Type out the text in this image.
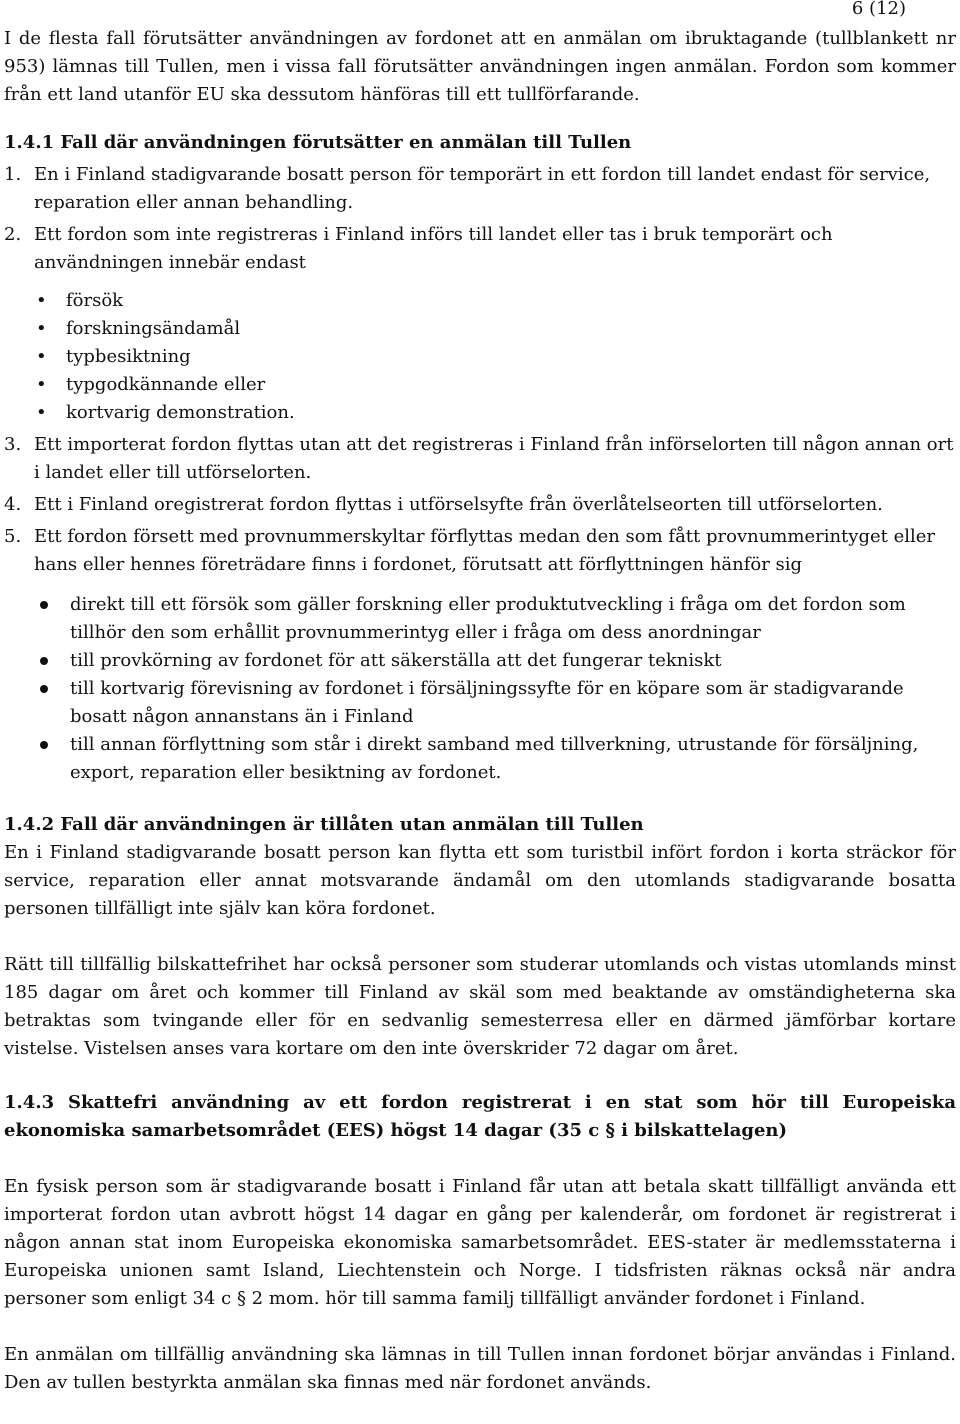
6 (12)

I de flesta fall förutsätter användningen av fordonet att en anmälan om ibruktagande (tullblankett nr 953) lämnas till Tullen, men i vissa fall förutsätter användningen ingen anmälan. Fordon som kommer från ett land utanför EU ska dessutom hänföras till ett tullförfarande.

1.4.1 Fall där användningen förutsätter en anmälan till Tullen

1. En i Finland stadigvarande bosatt person för temporärt in ett fordon till landet endast för service, reparation eller annan behandling.
2. Ett fordon som inte registreras i Finland införs till landet eller tas i bruk temporärt och användningen innebär endast
• försök
• forskningsändamål
• typbesiktning
• typgodkännande eller
• kortvarig demonstration.
3. Ett importerat fordon flyttas utan att det registreras i Finland från införselorten till någon annan ort i landet eller till utförselorten.
4. Ett i Finland oregistrerat fordon flyttas i utförselsyfte från överlåtelseorten till utförselorten.
5. Ett fordon försett med provnummerskyltar förflyttas medan den som fått provnummerintyget eller hans eller hennes företrädare finns i fordonet, förutsatt att förflyttningen hänför sig
direkt till ett försök som gäller forskning eller produktutveckling i fråga om det fordon som tillhör den som erhållit provnummerintyg eller i fråga om dess anordningar
till provkörning av fordonet för att säkerställa att det fungerar tekniskt
till kortvarig förevisning av fordonet i försäljningssyfte för en köpare som är stadigvarande bosatt någon annanstans än i Finland
till annan förflyttning som står i direkt samband med tillverkning, utrustande för försäljning, export, reparation eller besiktning av fordonet.

1.4.2 Fall där användningen är tillåten utan anmälan till Tullen

En i Finland stadigvarande bosatt person kan flytta ett som turistbil infört fordon i korta sträckor för service, reparation eller annat motsvarande ändamål om den utomlands stadigvarande bosatta personen tillfälligt inte själv kan köra fordonet.

Rätt till tillfällig bilskattefrihet har också personer som studerar utomlands och vistas utomlands minst 185 dagar om året och kommer till Finland av skäl som med beaktande av omständigheterna ska betraktas som tvingande eller för en sedvanlig semesterresa eller en därmed jämförbar kortare vistelse. Vistelsen anses vara kortare om den inte överskrider 72 dagar om året.

1.4.3 Skattefri användning av ett fordon registrerat i en stat som hör till Europeiska ekonomiska samarbetsområdet (EES) högst 14 dagar (35 c § i bilskattelagen)

En fysisk person som är stadigvarande bosatt i Finland får utan att betala skatt tillfälligt använda ett importerat fordon utan avbrott högst 14 dagar en gång per kalenderår, om fordonet är registrerat i någon annan stat inom Europeiska ekonomiska samarbetsområdet. EES-stater är medlemsstaterna i Europeiska unionen samt Island, Liechtenstein och Norge. I tidsfristen räknas också när andra personer som enligt 34 c § 2 mom. hör till samma familj tillfälligt använder fordonet i Finland.

En anmälan om tillfällig användning ska lämnas in till Tullen innan fordonet börjar användas i Finland. Den av tullen bestyrkta anmälan ska finnas med när fordonet används.
